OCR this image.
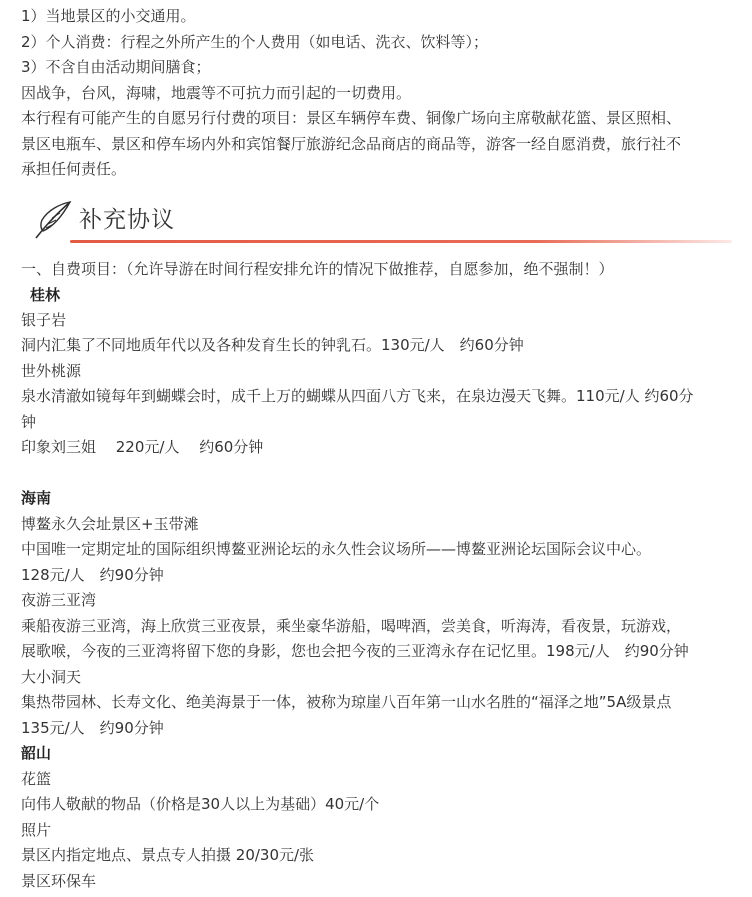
1）当地景区的小交通用。
2）个人消费：行程之外所产生的个人费用（如电话、洗衣、饮料等）；
3）不含自由活动期间膳食；
因战争，台风，海啸，地震等不可抗力而引起的一切费用。
本行程有可能产生的自愿另行付费的项目：景区车辆停车费、铜像广场向主席敬献花篮、景区照相、
景区电瓶车、景区和停车场内外和宾馆餐厅旅游纪念品商店的商品等，游客一经自愿消费，旅行社不
承担任何责任。
补充协议
一、自费项目：（允许导游在时间行程安排允许的情况下做推荐，自愿参加，绝不强制！）
桂林
银子岩
洞内汇集了不同地质年代以及各种发育生长的钟乳石。130元/人　约60分钟
世外桃源
泉水清澈如镜每年到蝴蝶会时，成千上万的蝴蝶从四面八方飞来，在泉边漫天飞舞。110元/人 约60分
钟
印象刘三姐　 220元/人　 约60分钟
海南
博鳌永久会址景区+玉带滩
中国唯一定期定址的国际组织博鳌亚洲论坛的永久性会议场所——博鳌亚洲论坛国际会议中心。
128元/人　约90分钟
夜游三亚湾
乘船夜游三亚湾，海上欣赏三亚夜景，乘坐豪华游船，喝啤酒，尝美食，听海涛，看夜景，玩游戏，
展歌喉，今夜的三亚湾将留下您的身影，您也会把今夜的三亚湾永存在记忆里。198元/人　约90分钟
大小洞天
集热带园林、长寿文化、绝美海景于一体，被称为琼崖八百年第一山水名胜的“福泽之地”5A级景点
135元/人　约90分钟
韶山
花篮
向伟人敬献的物品（价格是30人以上为基础）40元/个
照片
景区内指定地点、景点专人拍摄 20/30元/张
景区环保车
